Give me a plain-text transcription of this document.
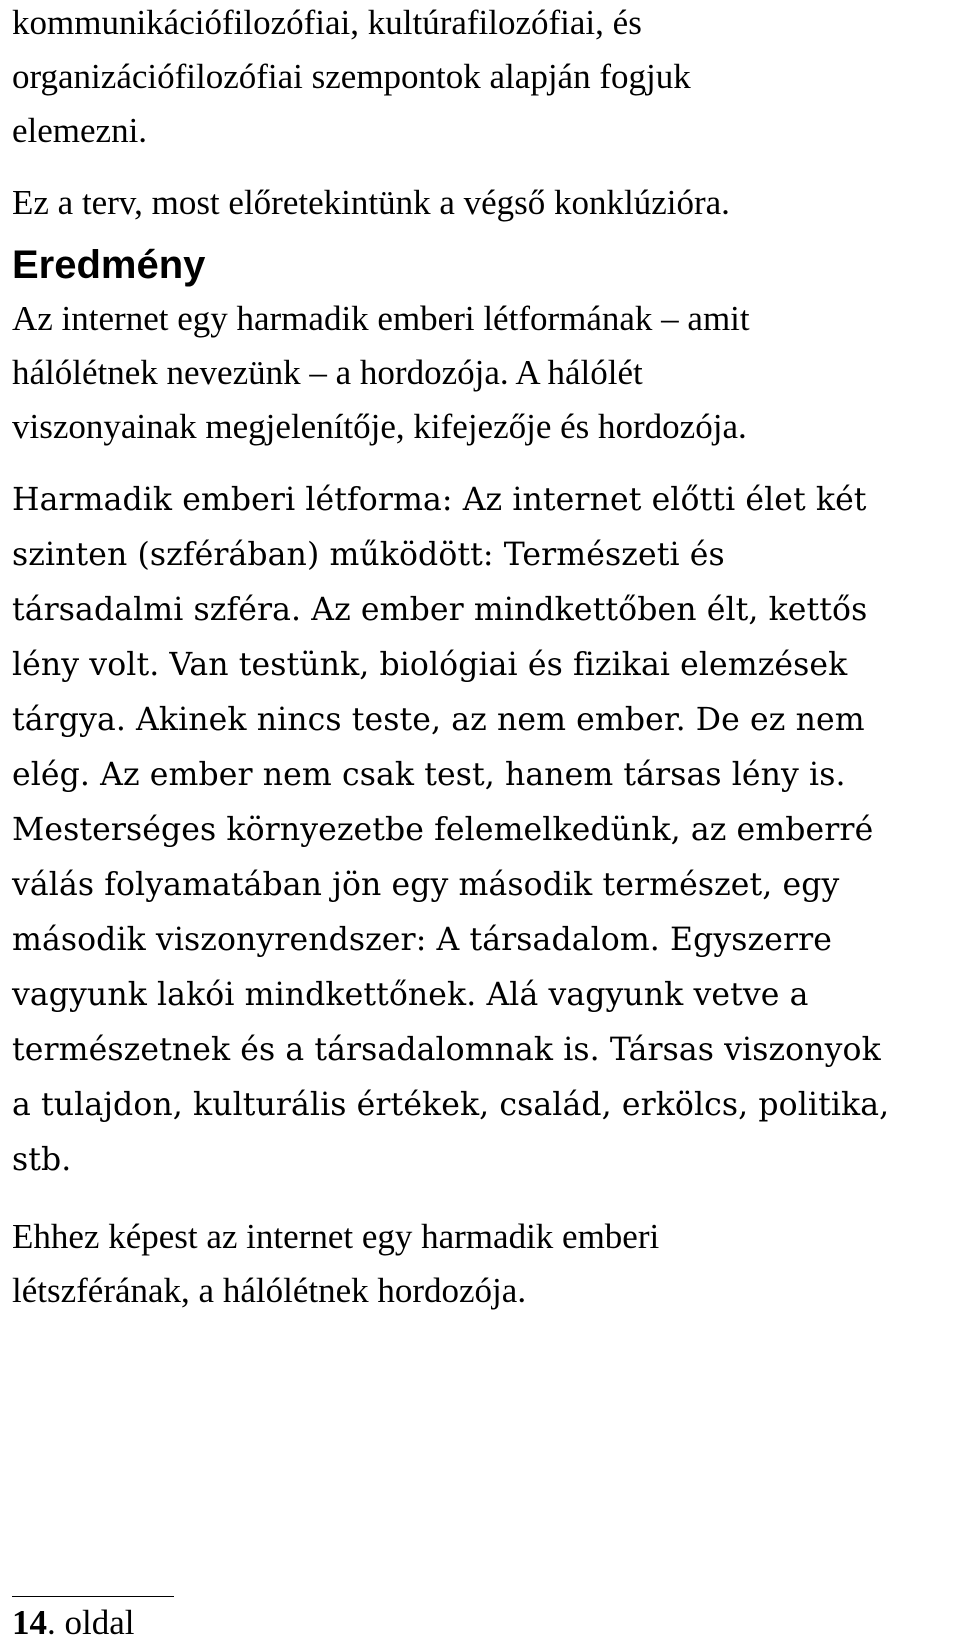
kommunikációfilozófiai, kultúrafilozófiai, és
organizációfilozófiai szempontok alapján fogjuk
elemezni.
Ez a terv, most előretekintünk a végső konklúzióra.
Eredmény
Az internet egy harmadik emberi létformának – amit
hálólétnek nevezünk – a hordozója. A hálólét
viszonyainak megjelenítője, kifejezője és hordozója.
Harmadik emberi létforma: Az internet előtti élet két
szinten (szférában) működött: Természeti és
társadalmi szféra. Az ember mindkettőben élt, kettős
lény volt. Van testünk, biológiai és fizikai elemzések
tárgya. Akinek nincs teste, az nem ember. De ez nem
elég. Az ember nem csak test, hanem társas lény is.
Mesterséges környezetbe felemelkedünk, az emberré
válás folyamatában jön egy második természet, egy
második viszonyrendszer: A társadalom. Egyszerre
vagyunk lakói mindkettőnek. Alá vagyunk vetve a
természetnek és a társadalomnak is. Társas viszonyok
a tulajdon, kulturális értékek, család, erkölcs, politika,
stb.
Ehhez képest az internet egy harmadik emberi
létszférának, a hálólétnek hordozója.
14. oldal
